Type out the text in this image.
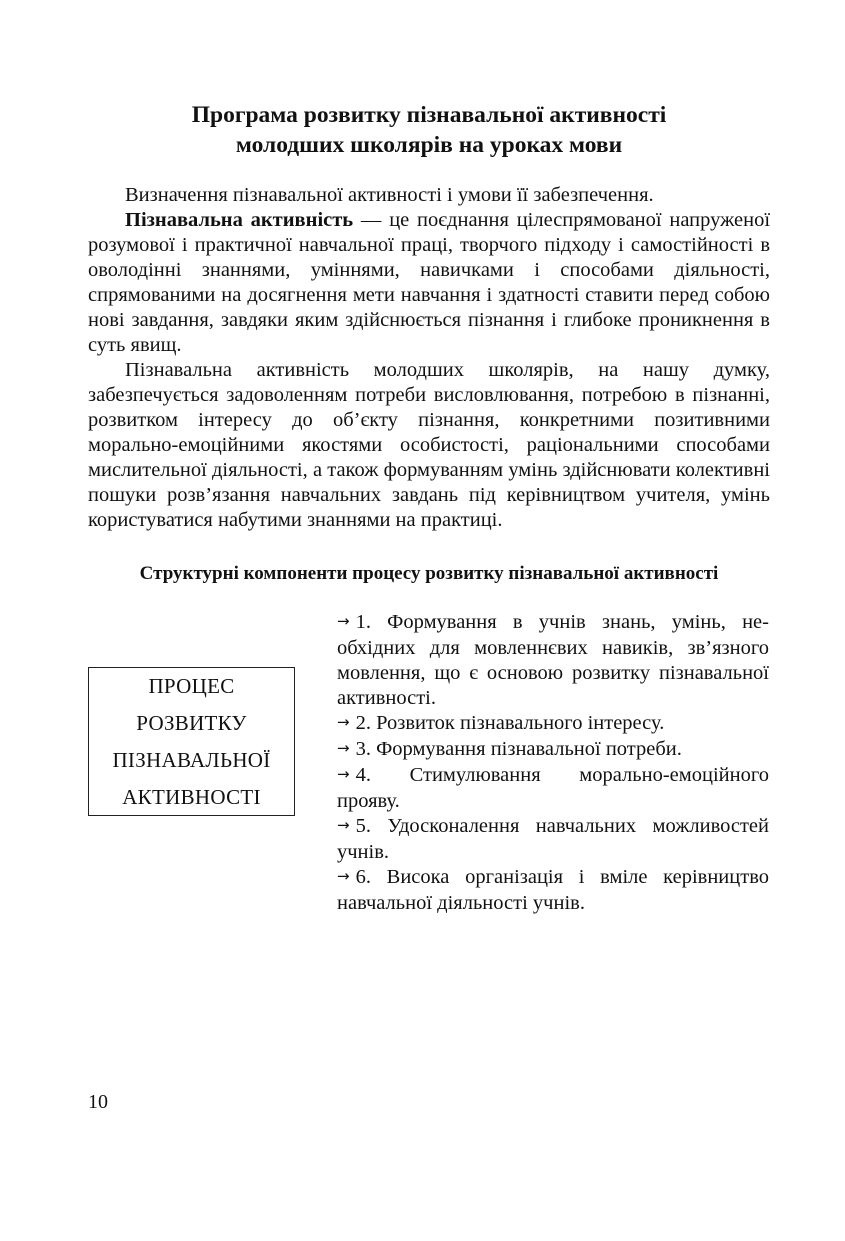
Програма розвитку пізнавальної активності
молодших школярів на уроках мови

Визначення пізнавальної активності і умови її забезпечення.

Пізнавальна активність — це поєднання цілеспрямованої напруженої розумової і практичної навчальної праці, творчого підходу і самостійності в оволодінні знаннями, уміннями, навичками і способами діяльності, спрямованими на досягнення мети навчання і здатності ставити перед собою нові завдання, завдяки яким здійснюється пізнання і глибоке проникнення в суть явищ.

Пізнавальна активність молодших школярів, на нашу думку, забезпечується задоволенням потреби висловлювання, потребою в пізнанні, розвитком інтересу до об’єкту пізнання, конкретними позитивними морально-емоційними якостями особистості, раціональними способами мислительної діяльності, а також формуванням умінь здійснювати колективні пошуки розв’язання навчальних завдань під керівництвом учителя, умінь користуватися набутими знаннями на практиці.

Структурні компоненти процесу розвитку пізнавальної активності
ПРОЦЕС
РОЗВИТКУ
ПІЗНАВАЛЬНОЇ
АКТИВНОСТІ

→ 1. Формування в учнів знань, умінь, необхідних для мовленнєвих навиків, зв’язного мовлення, що є основою розвитку пізнавальної активності.

→ 2. Розвиток пізнавального інтересу.

→ 3. Формування пізнавальної потреби.

→ 4. Стимулювання морально-емоційного прояву.

→ 5. Удосконалення навчальних можливостей учнів.

→ 6. Висока організація і вміле керівництво навчальної діяльності учнів.

10
